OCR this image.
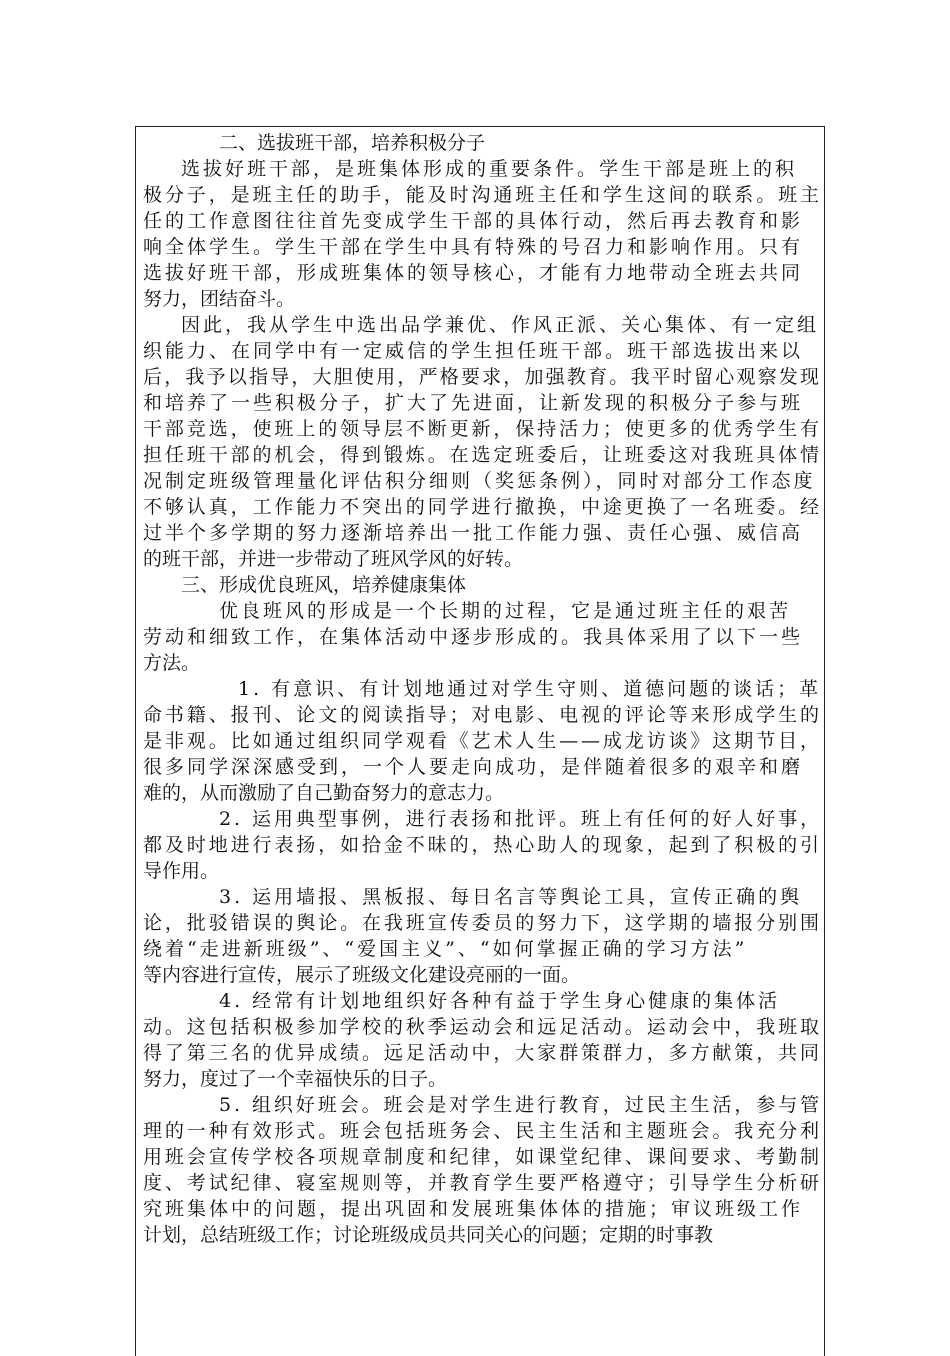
二、选拔班干部，培养积极分子
选拔好班干部，是班集体形成的重要条件。学生干部是班上的积
极分子，是班主任的助手，能及时沟通班主任和学生这间的联系。班主
任的工作意图往往首先变成学生干部的具体行动，然后再去教育和影
响全体学生。学生干部在学生中具有特殊的号召力和影响作用。只有
选拔好班干部，形成班集体的领导核心，才能有力地带动全班去共同
努力，团结奋斗。
因此，我从学生中选出品学兼优、作风正派、关心集体、有一定组
织能力、在同学中有一定威信的学生担任班干部。班干部选拔出来以
后，我予以指导，大胆使用，严格要求，加强教育。我平时留心观察发现
和培养了一些积极分子，扩大了先进面，让新发现的积极分子参与班
干部竞选，使班上的领导层不断更新，保持活力；使更多的优秀学生有
担任班干部的机会，得到锻炼。在选定班委后，让班委这对我班具体情
况制定班级管理量化评估积分细则（奖惩条例），同时对部分工作态度
不够认真，工作能力不突出的同学进行撤换，中途更换了一名班委。经
过半个多学期的努力逐渐培养出一批工作能力强、责任心强、威信高
的班干部，并进一步带动了班风学风的好转。
三、形成优良班风，培养健康集体
优良班风的形成是一个长期的过程，它是通过班主任的艰苦
劳动和细致工作，在集体活动中逐步形成的。我具体采用了以下一些
方法。
1. 有意识、有计划地通过对学生守则、道德问题的谈话；革
命书籍、报刊、论文的阅读指导；对电影、电视的评论等来形成学生的
是非观。比如通过组织同学观看《艺术人生——成龙访谈》这期节目，
很多同学深深感受到，一个人要走向成功，是伴随着很多的艰辛和磨
难的，从而激励了自己勤奋努力的意志力。
2. 运用典型事例，进行表扬和批评。班上有任何的好人好事，
都及时地进行表扬，如拾金不昧的，热心助人的现象，起到了积极的引
导作用。
3. 运用墙报、黑板报、每日名言等舆论工具，宣传正确的舆
论，批驳错误的舆论。在我班宣传委员的努力下，这学期的墙报分别围
绕着“走进新班级”、“爱国主义”、“如何掌握正确的学习方法”
等内容进行宣传，展示了班级文化建设亮丽的一面。
4. 经常有计划地组织好各种有益于学生身心健康的集体活
动。这包括积极参加学校的秋季运动会和远足活动。运动会中，我班取
得了第三名的优异成绩。远足活动中，大家群策群力，多方献策，共同
努力，度过了一个幸福快乐的日子。
5. 组织好班会。班会是对学生进行教育，过民主生活，参与管
理的一种有效形式。班会包括班务会、民主生活和主题班会。我充分利
用班会宣传学校各项规章制度和纪律，如课堂纪律、课间要求、考勤制
度、考试纪律、寝室规则等，并教育学生要严格遵守；引导学生分析研
究班集体中的问题，提出巩固和发展班集体体的措施；审议班级工作
计划，总结班级工作；讨论班级成员共同关心的问题；定期的时事教
